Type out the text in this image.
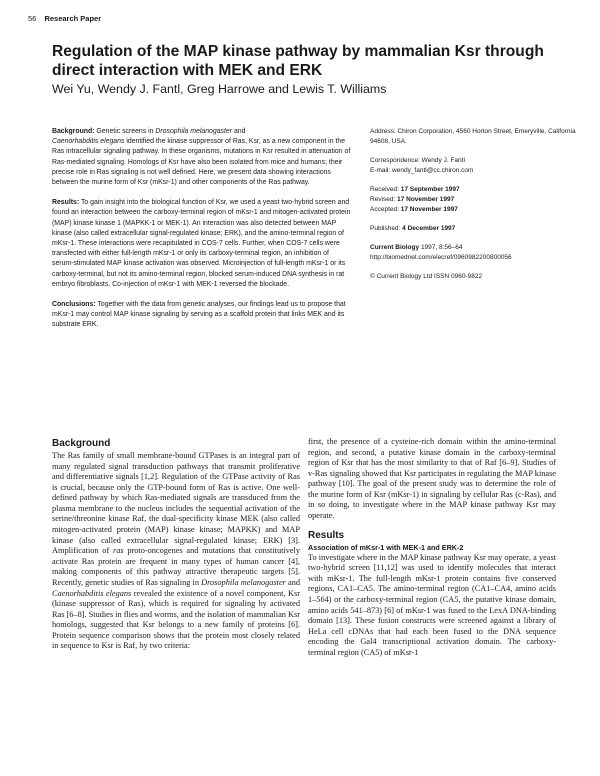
56 Research Paper
Regulation of the MAP kinase pathway by mammalian Ksr through direct interaction with MEK and ERK
Wei Yu, Wendy J. Fantl, Greg Harrowe and Lewis T. Williams

Background: Genetic screens in Drosophila melanogaster and
Caenorhabditis elegans identified the kinase suppressor of Ras, Ksr, as a new component in the Ras intracellular signaling pathway. In these organisms, mutations in Ksr resulted in attenuation of Ras-mediated signaling. Homologs of Ksr have also been isolated from mice and humans; their precise role in Ras signaling is not well defined. Here, we present data showing interactions between the murine form of Ksr (mKsr-1) and other components of the Ras pathway.

Results: To gain insight into the biological function of Ksr, we used a yeast two-hybrid screen and found an interaction between the carboxy-terminal region of mKsr-1 and mitogen-activated protein (MAP) kinase kinase 1 (MAPKK-1 or MEK-1). An interaction was also detected between MAP kinase (also called extracellular signal-regulated kinase; ERK), and the amino-terminal region of mKsr-1. These interactions were recapitulated in COS-7 cells. Further, when COS-7 cells were transfected with either full-length mKsr-1 or only its carboxy-terminal region, an inhibition of serum-stimulated MAP kinase activation was observed. Microinjection of full-length mKsr-1 or its carboxy-terminal, but not its amino-terminal region, blocked serum-induced DNA synthesis in rat embryo fibroblasts. Co-injection of mKsr-1 with MEK-1 reversed the blockade.

Conclusions: Together with the data from genetic analyses, our findings lead us to propose that mKsr-1 may control MAP kinase signaling by serving as a scaffold protein that links MEK and its substrate ERK.

Address: Chiron Corporation, 4560 Horton Street, Emeryville, California 94608, USA.

Correspondence: Wendy J. Fantl

E-mail: wendy_fantl@cc.chiron.com

Received: 17 September 1997

Revised: 17 November 1997

Accepted: 17 November 1997

Published: 4 December 1997

Current Biology 1997, 8:56–64

http://biomednet.com/elecref/0960982200800056

© Current Biology Ltd ISSN 0960-9822

Background

The Ras family of small membrane-bound GTPases is an integral part of many regulated signal transduction pathways that transmit proliferative and differentiative signals [1,2]. Regulation of the GTPase activity of Ras is crucial, because only the GTP-bound form of Ras is active. One well-defined pathway by which Ras-mediated signals are transduced from the plasma membrane to the nucleus includes the sequential activation of the serine/threonine kinase Raf, the dual-specificity kinase MEK (also called mitogen-activated protein (MAP) kinase kinase; MAPKK) and MAP kinase (also called extracellular signal-regulated kinase; ERK) [3]. Amplification of ras proto-oncogenes and mutations that constitutively activate Ras protein are frequent in many types of human cancer [4], making components of this pathway attractive therapeutic targets [5]. Recently, genetic studies of Ras signaling in Drosophila melanogaster and Caenorhabditis elegans revealed the existence of a novel component, Ksr (kinase suppressor of Ras), which is required for signaling by activated Ras [6–8]. Studies in flies and worms, and the isolation of mammalian Ksr homologs, suggested that Ksr belongs to a new family of proteins [6]. Protein sequence comparison shows that the protein most closely related in sequence to Ksr is Raf, by two criteria:

first, the presence of a cysteine-rich domain within the amino-terminal region, and second, a putative kinase domain in the carboxy-terminal region of Ksr that has the most similarity to that of Raf [6–9]. Studies of v-Ras signaling showed that Ksr participates in regulating the MAP kinase pathway [10]. The goal of the present study was to determine the role of the murine form of Ksr (mKsr-1) in signaling by cellular Ras (c-Ras), and in so doing, to investigate where in the MAP kinase pathway Ksr may operate.

Results
Association of mKsr-1 with MEK-1 and ERK-2

To investigate where in the MAP kinase pathway Ksr may operate, a yeast two-hybrid screen [11,12] was used to identify molecules that interact with mKsr-1. The full-length mKsr-1 protein contains five conserved regions, CA1–CA5. The amino-terminal region (CA1–CA4, amino acids 1–564) or the carboxy-terminal region (CA5, the putative kinase domain, amino acids 541–873) [6] of mKsr-1 was fused to the LexA DNA-binding domain [13]. These fusion constructs were screened against a library of HeLa cell cDNAs that had each been fused to the DNA sequence encoding the Gal4 transcriptional activation domain. The carboxy-terminal region (CA5) of mKsr-1
